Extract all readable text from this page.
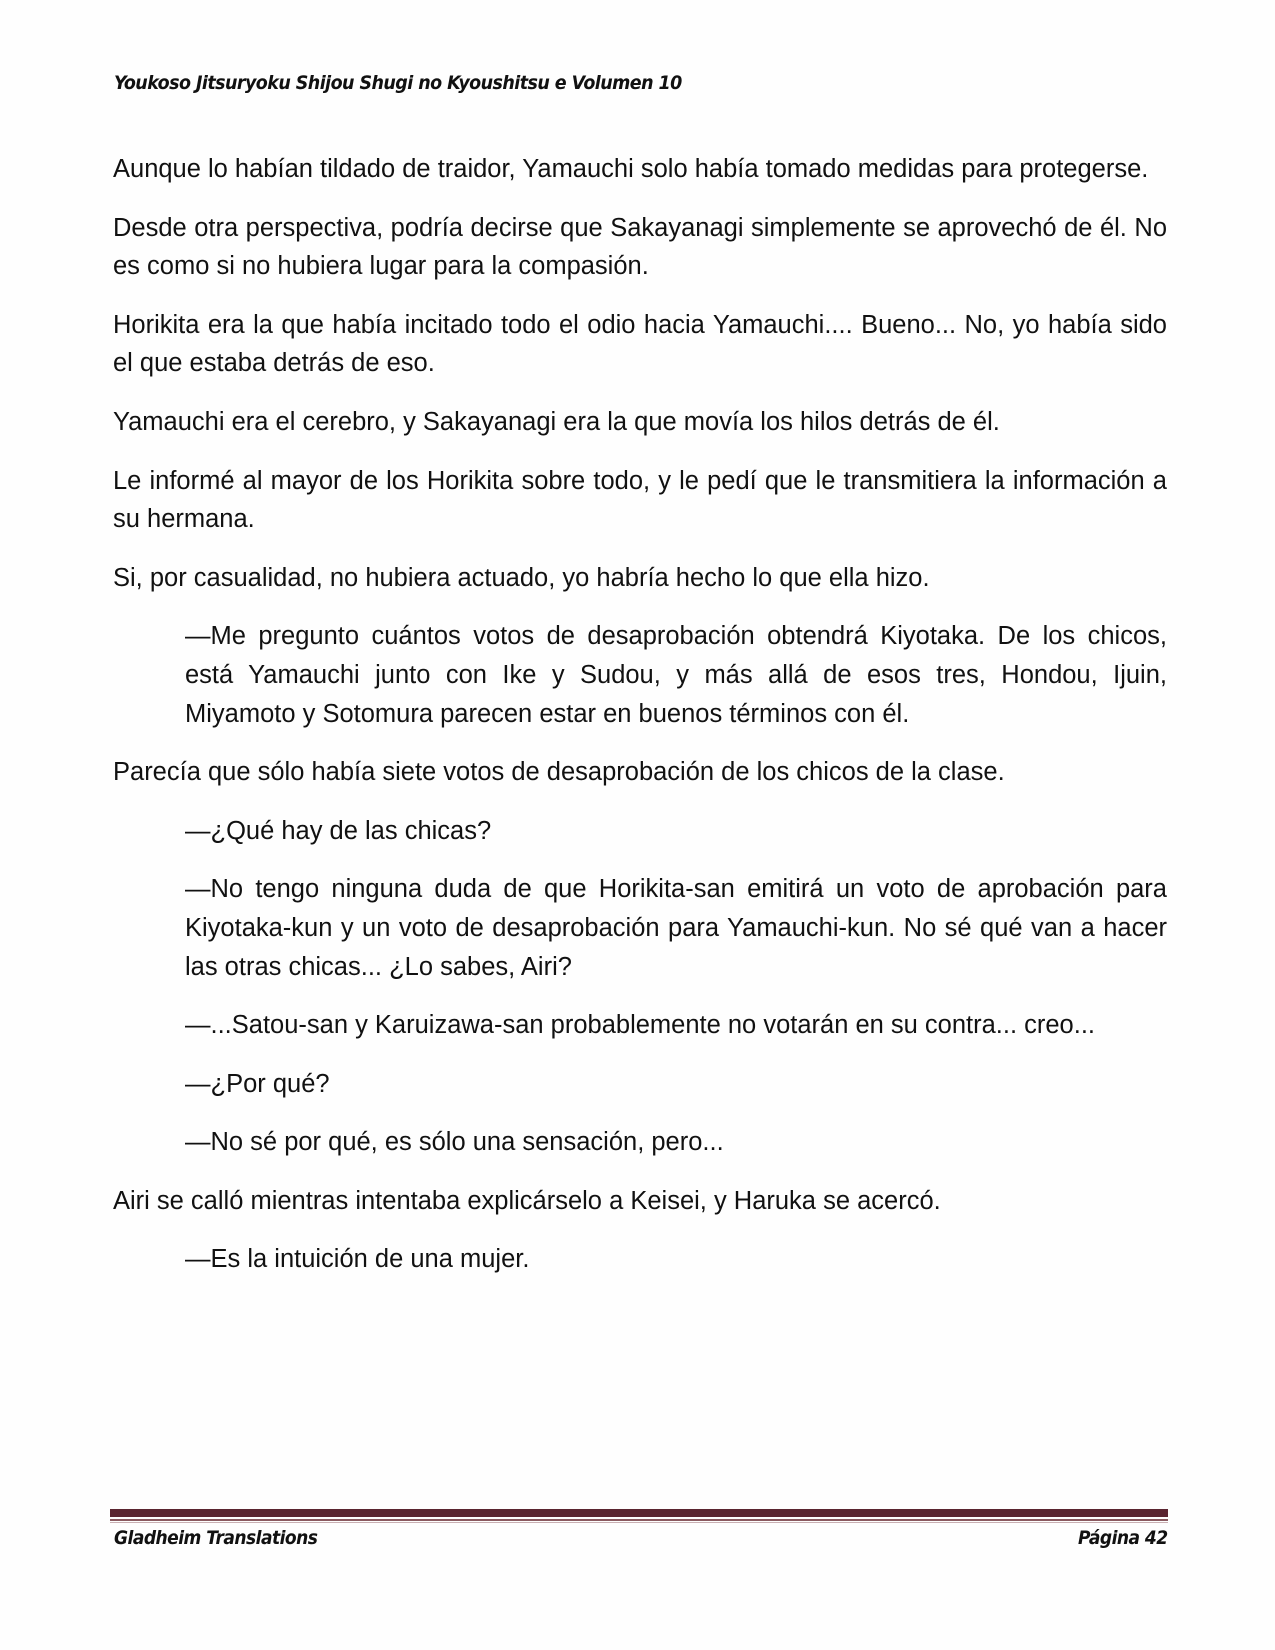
Youkoso Jitsuryoku Shijou Shugi no Kyoushitsu e Volumen 10

Aunque lo habían tildado de traidor, Yamauchi solo había tomado medidas para protegerse.

Desde otra perspectiva, podría decirse que Sakayanagi simplemente se aprovechó de él. No es como si no hubiera lugar para la compasión.

Horikita era la que había incitado todo el odio hacia Yamauchi.... Bueno... No, yo había sido el que estaba detrás de eso.

Yamauchi era el cerebro, y Sakayanagi era la que movía los hilos detrás de él.

Le informé al mayor de los Horikita sobre todo, y le pedí que le transmitiera la información a su hermana.

Si, por casualidad, no hubiera actuado, yo habría hecho lo que ella hizo.

—Me pregunto cuántos votos de desaprobación obtendrá Kiyotaka. De los chicos, está Yamauchi junto con Ike y Sudou, y más allá de esos tres, Hondou, Ijuin, Miyamoto y Sotomura parecen estar en buenos términos con él.

Parecía que sólo había siete votos de desaprobación de los chicos de la clase.

—¿Qué hay de las chicas?

—No tengo ninguna duda de que Horikita-san emitirá un voto de aprobación para Kiyotaka-kun y un voto de desaprobación para Yamauchi-kun. No sé qué van a hacer las otras chicas... ¿Lo sabes, Airi?

—...Satou-san y Karuizawa-san probablemente no votarán en su contra... creo...

—¿Por qué?

—No sé por qué, es sólo una sensación, pero...

Airi se calló mientras intentaba explicárselo a Keisei, y Haruka se acercó.

—Es la intuición de una mujer.

Gladheim Translations	Página 42
